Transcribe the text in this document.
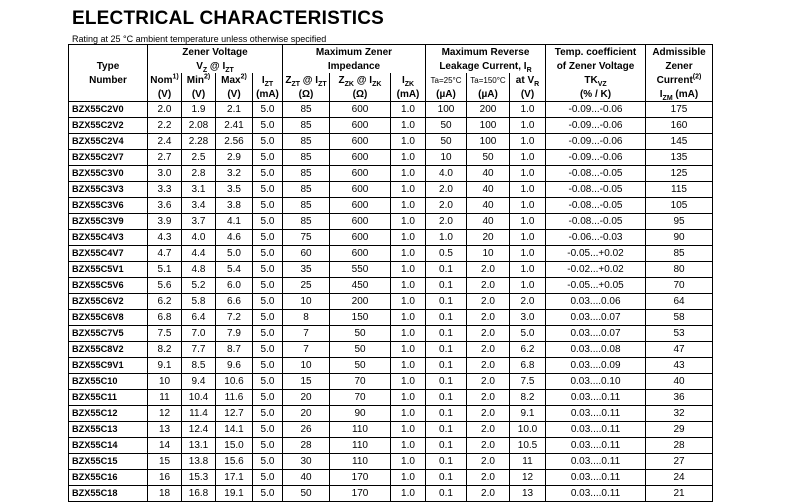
ELECTRICAL CHARACTERISTICS
Rating at 25 °C ambient temperature unless otherwise specified
Type	Zener Voltage				Maximum Zener			Maximum Reverse			Temp. coefficient	Admissible
	$V_Z$ @ $I_{ZT}$				Impedance			Leakage Current, $I_R$			of Zener Voltage	Zener
Number	Nom$^{1)}$	Min$^{2)}$	Max$^{2)}$	$I_{ZT}$	$Z_{ZT}$ @ $I_{ZT}$	$Z_{ZK}$ @ $I_{ZK}$	$I_{ZK}$	Ta=25°C	Ta=150°C	at $V_R$	$TK_{VZ}$	Current$^{(2)}$
	(V)	(V)	(V)	(mA)	(Ω)	(Ω)	(mA)	(µA)	(µA)	(V)	(% / K)	$I_{ZM}$ (mA)
BZX55C2V0	2.0	1.9	2.1	5.0	85	600	1.0	100	200	1.0	-0.09...-0.06	175
BZX55C2V2	2.2	2.08	2.41	5.0	85	600	1.0	50	100	1.0	-0.09...-0.06	160
BZX55C2V4	2.4	2.28	2.56	5.0	85	600	1.0	50	100	1.0	-0.09...-0.06	145
BZX55C2V7	2.7	2.5	2.9	5.0	85	600	1.0	10	50	1.0	-0.09...-0.06	135
BZX55C3V0	3.0	2.8	3.2	5.0	85	600	1.0	4.0	40	1.0	-0.08...-0.05	125
BZX55C3V3	3.3	3.1	3.5	5.0	85	600	1.0	2.0	40	1.0	-0.08...-0.05	115
BZX55C3V6	3.6	3.4	3.8	5.0	85	600	1.0	2.0	40	1.0	-0.08...-0.05	105
BZX55C3V9	3.9	3.7	4.1	5.0	85	600	1.0	2.0	40	1.0	-0.08...-0.05	95
BZX55C4V3	4.3	4.0	4.6	5.0	75	600	1.0	1.0	20	1.0	-0.06...-0.03	90
BZX55C4V7	4.7	4.4	5.0	5.0	60	600	1.0	0.5	10	1.0	-0.05...+0.02	85
BZX55C5V1	5.1	4.8	5.4	5.0	35	550	1.0	0.1	2.0	1.0	-0.02...+0.02	80
BZX55C5V6	5.6	5.2	6.0	5.0	25	450	1.0	0.1	2.0	1.0	-0.05...+0.05	70
BZX55C6V2	6.2	5.8	6.6	5.0	10	200	1.0	0.1	2.0	2.0	0.03....0.06	64
BZX55C6V8	6.8	6.4	7.2	5.0	8	150	1.0	0.1	2.0	3.0	0.03....0.07	58
BZX55C7V5	7.5	7.0	7.9	5.0	7	50	1.0	0.1	2.0	5.0	0.03....0.07	53
BZX55C8V2	8.2	7.7	8.7	5.0	7	50	1.0	0.1	2.0	6.2	0.03....0.08	47
BZX55C9V1	9.1	8.5	9.6	5.0	10	50	1.0	0.1	2.0	6.8	0.03....0.09	43
BZX55C10	10	9.4	10.6	5.0	15	70	1.0	0.1	2.0	7.5	0.03....0.10	40
BZX55C11	11	10.4	11.6	5.0	20	70	1.0	0.1	2.0	8.2	0.03....0.11	36
BZX55C12	12	11.4	12.7	5.0	20	90	1.0	0.1	2.0	9.1	0.03....0.11	32
BZX55C13	13	12.4	14.1	5.0	26	110	1.0	0.1	2.0	10.0	0.03....0.11	29
BZX55C14	14	13.1	15.0	5.0	28	110	1.0	0.1	2.0	10.5	0.03....0.11	28
BZX55C15	15	13.8	15.6	5.0	30	110	1.0	0.1	2.0	11	0.03....0.11	27
BZX55C16	16	15.3	17.1	5.0	40	170	1.0	0.1	2.0	12	0.03....0.11	24
BZX55C18	18	16.8	19.1	5.0	50	170	1.0	0.1	2.0	13	0.03....0.11	21
